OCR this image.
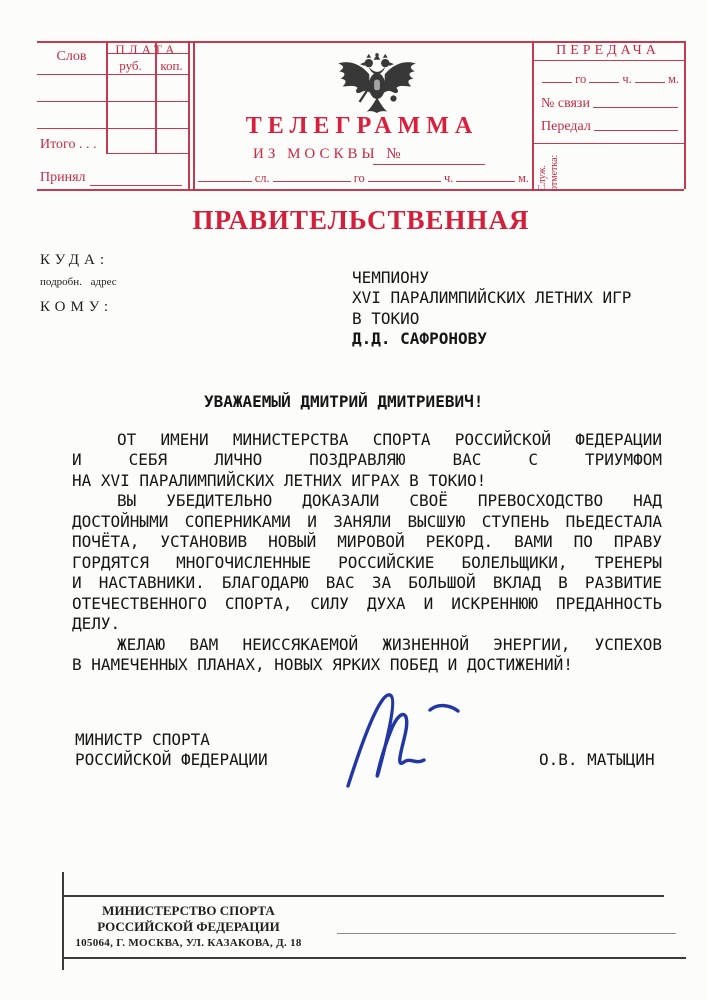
Слов	ПЛАТА
руб.	коп.
Итого . . .
Принял
ТЕЛЕГРАММА
ИЗ МОСКВЫ №
сл.	го	ч.	м.
ПЕРЕДАЧА
го	ч.	м.
№ связи
Передал
Служ. отметка:
ПРАВИТЕЛЬСТВЕННАЯ
КУДА:
подробн. адрес
КОМУ:
ЧЕМПИОНУ
XVI ПАРАЛИМПИЙСКИХ ЛЕТНИХ ИГР
В ТОКИО
Д.Д. САФРОНОВУ
УВАЖАЕМЫЙ ДМИТРИЙ ДМИТРИЕВИЧ!
ОТ ИМЕНИ МИНИСТЕРСТВА СПОРТА РОССИЙСКОЙ ФЕДЕРАЦИИ
И СЕБЯ ЛИЧНО ПОЗДРАВЛЯЮ ВАС С ТРИУМФОМ
НА XVI ПАРАЛИМПИЙСКИХ ЛЕТНИХ ИГРАХ В ТОКИО!
ВЫ УБЕДИТЕЛЬНО ДОКАЗАЛИ СВОЁ ПРЕВОСХОДСТВО НАД
ДОСТОЙНЫМИ СОПЕРНИКАМИ И ЗАНЯЛИ ВЫСШУЮ СТУПЕНЬ ПЬЕДЕСТАЛА
ПОЧЁТА, УСТАНОВИВ НОВЫЙ МИРОВОЙ РЕКОРД. ВАМИ ПО ПРАВУ
ГОРДЯТСЯ МНОГОЧИСЛЕННЫЕ РОССИЙСКИЕ БОЛЕЛЬЩИКИ, ТРЕНЕРЫ
И НАСТАВНИКИ. БЛАГОДАРЮ ВАС ЗА БОЛЬШОЙ ВКЛАД В РАЗВИТИЕ
ОТЕЧЕСТВЕННОГО СПОРТА, СИЛУ ДУХА И ИСКРЕННЮЮ ПРЕДАННОСТЬ
ДЕЛУ.
ЖЕЛАЮ ВАМ НЕИССЯКАЕМОЙ ЖИЗНЕННОЙ ЭНЕРГИИ, УСПЕХОВ
В НАМЕЧЕННЫХ ПЛАНАХ, НОВЫХ ЯРКИХ ПОБЕД И ДОСТИЖЕНИЙ!
МИНИСТР СПОРТА
РОССИЙСКОЙ ФЕДЕРАЦИИ	О.В. МАТЫЦИН
МИНИСТЕРСТВО СПОРТА
РОССИЙСКОЙ ФЕДЕРАЦИИ
105064, Г. МОСКВА, УЛ. КАЗАКОВА, Д. 18
